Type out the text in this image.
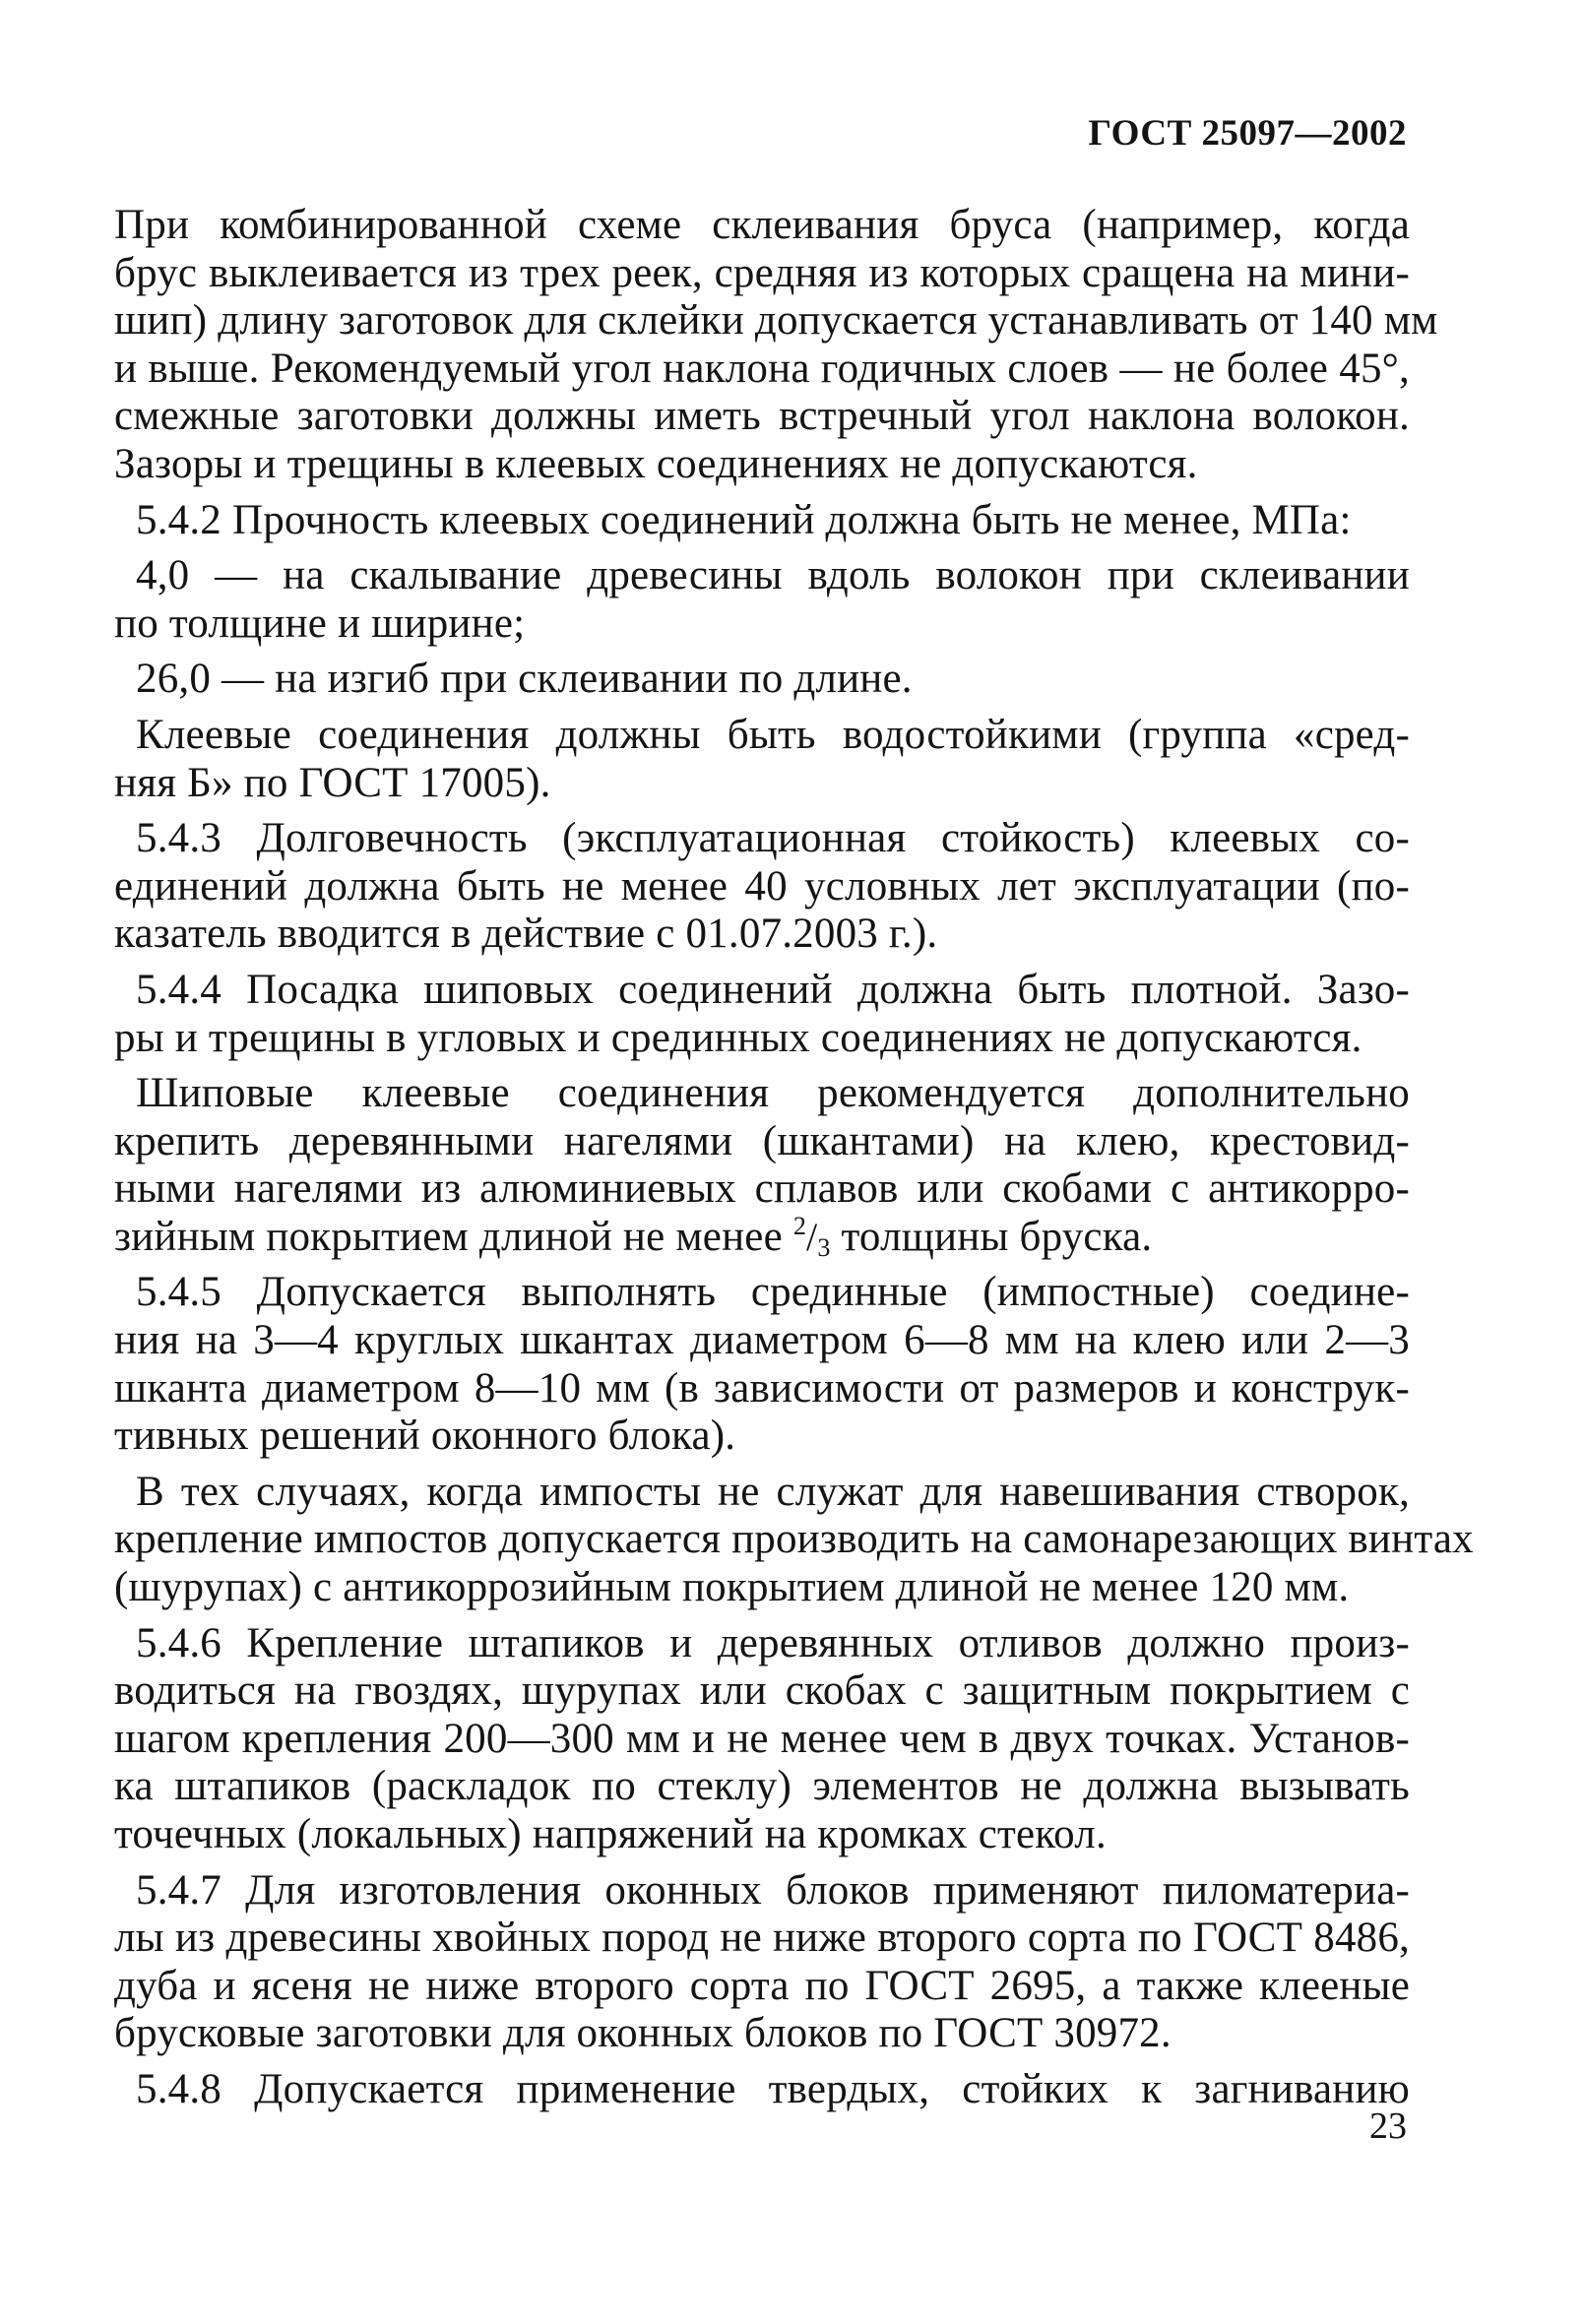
ГОСТ 25097—2002
При комбинированной схеме склеивания бруса (например, когда
брус выклеивается из трех реек, средняя из которых сращена на мини-
шип) длину заготовок для склейки допускается устанавливать от 140 мм
и выше. Рекомендуемый угол наклона годичных слоев — не более 45°,
смежные заготовки должны иметь встречный угол наклона волокон.
Зазоры и трещины в клеевых соединениях не допускаются.
5.4.2 Прочность клеевых соединений должна быть не менее, МПа:
4,0 — на скалывание древесины вдоль волокон при склеивании
по толщине и ширине;
26,0 — на изгиб при склеивании по длине.
Клеевые соединения должны быть водостойкими (группа «сред-
няя Б» по ГОСТ 17005).
5.4.3 Долговечность (эксплуатационная стойкость) клеевых со-
единений должна быть не менее 40 условных лет эксплуатации (по-
казатель вводится в действие с 01.07.2003 г.).
5.4.4 Посадка шиповых соединений должна быть плотной. Зазо-
ры и трещины в угловых и срединных соединениях не допускаются.
Шиповые клеевые соединения рекомендуется дополнительно
крепить деревянными нагелями (шкантами) на клею, крестовид-
ными нагелями из алюминиевых сплавов или скобами с антикорро-
зийным покрытием длиной не менее $^2/_3$ толщины бруска.
5.4.5 Допускается выполнять срединные (импостные) соедине-
ния на 3—4 круглых шкантах диаметром 6—8 мм на клею или 2—3
шканта диаметром 8—10 мм (в зависимости от размеров и конструк-
тивных решений оконного блока).
В тех случаях, когда импосты не служат для навешивания створок,
крепление импостов допускается производить на самонарезающих винтах
(шурупах) с антикоррозийным покрытием длиной не менее 120 мм.
5.4.6 Крепление штапиков и деревянных отливов должно произ-
водиться на гвоздях, шурупах или скобах с защитным покрытием с
шагом крепления 200—300 мм и не менее чем в двух точках. Установ-
ка штапиков (раскладок по стеклу) элементов не должна вызывать
точечных (локальных) напряжений на кромках стекол.
5.4.7 Для изготовления оконных блоков применяют пиломатериа-
лы из древесины хвойных пород не ниже второго сорта по ГОСТ 8486,
дуба и ясеня не ниже второго сорта по ГОСТ 2695, а также клееные
брусковые заготовки для оконных блоков по ГОСТ 30972.
5.4.8 Допускается применение твердых, стойких к загниванию
23
